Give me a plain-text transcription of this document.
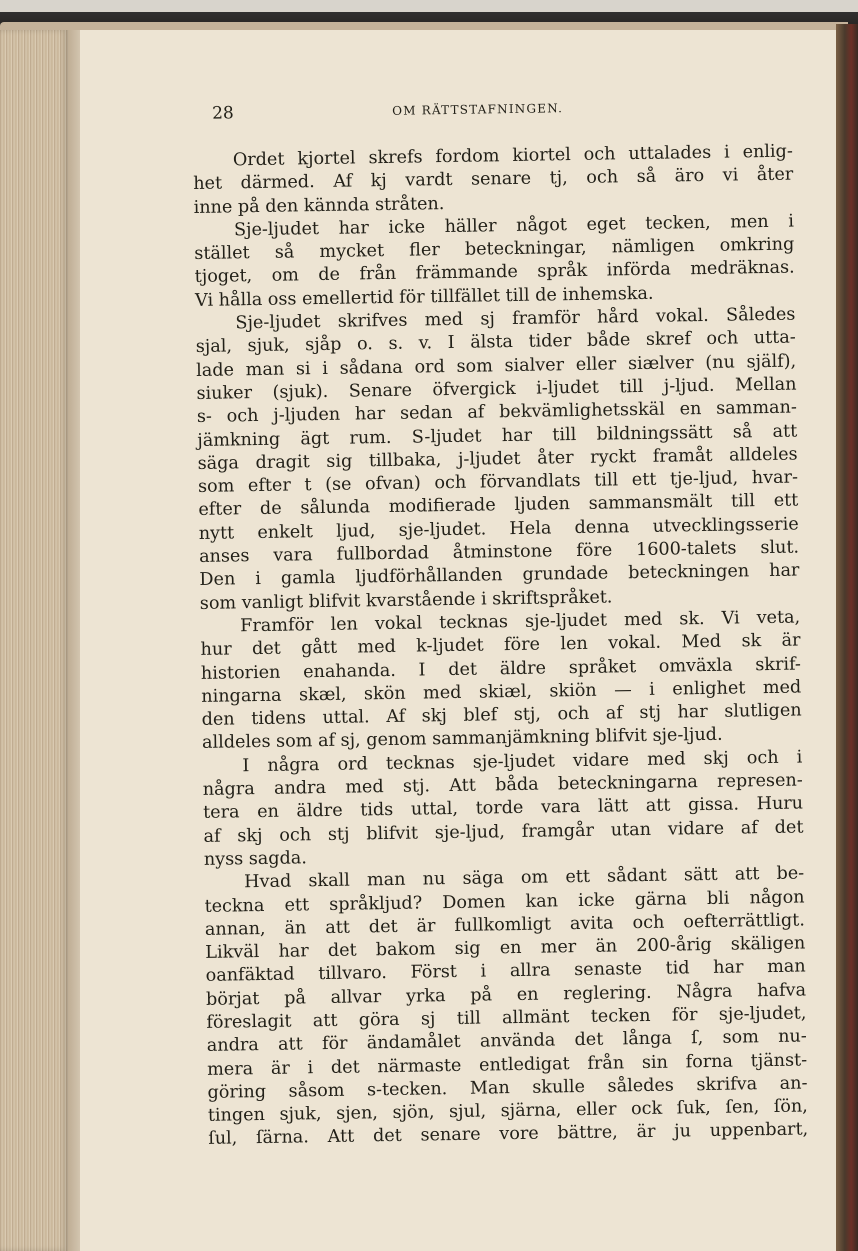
28	OM RÄTTSTAFNINGEN.
Ordet kjortel skrefs fordom kiortel och uttalades i enlig-
het därmed. Af kj vardt senare tj, och så äro vi åter
inne på den kännda stråten.
Sje-ljudet har icke häller något eget tecken, men i
stället så mycket fler beteckningar, nämligen omkring
tjoget, om de från främmande språk införda medräknas.
Vi hålla oss emellertid för tillfället till de inhemska.
Sje-ljudet skrifves med sj framför hård vokal. Således
sjal, sjuk, sjåp o. s. v. I älsta tider både skref och utta-
lade man si i sådana ord som sialver eller siælver (nu själf),
siuker (sjuk). Senare öfvergick i-ljudet till j-ljud. Mellan
s- och j-ljuden har sedan af bekvämlighetsskäl en samman-
jämkning ägt rum. S-ljudet har till bildningssätt så att
säga dragit sig tillbaka, j-ljudet åter ryckt framåt alldeles
som efter t (se ofvan) och förvandlats till ett tje-ljud, hvar-
efter de sålunda modifierade ljuden sammansmält till ett
nytt enkelt ljud, sje-ljudet. Hela denna utvecklingsserie
anses vara fullbordad åtminstone före 1600-talets slut.
Den i gamla ljudförhållanden grundade beteckningen har
som vanligt blifvit kvarstående i skriftspråket.
Framför len vokal tecknas sje-ljudet med sk. Vi veta,
hur det gått med k-ljudet före len vokal. Med sk är
historien enahanda. I det äldre språket omväxla skrif-
ningarna skæl, skön med skiæl, skiön — i enlighet med
den tidens uttal. Af skj blef stj, och af stj har slutligen
alldeles som af sj, genom sammanjämkning blifvit sje-ljud.
I några ord tecknas sje-ljudet vidare med skj och i
några andra med stj. Att båda beteckningarna represen-
tera en äldre tids uttal, torde vara lätt att gissa. Huru
af skj och stj blifvit sje-ljud, framgår utan vidare af det
nyss sagda.
Hvad skall man nu säga om ett sådant sätt att be-
teckna ett språkljud? Domen kan icke gärna bli någon
annan, än att det är fullkomligt avita och oefterrättligt.
Likväl har det bakom sig en mer än 200-årig skäligen
oanfäktad tillvaro. Först i allra senaste tid har man
börjat på allvar yrka på en reglering. Några hafva
föreslagit att göra sj till allmänt tecken för sje-ljudet,
andra att för ändamålet använda det långa ſ, som nu-
mera är i det närmaste entledigat från sin forna tjänst-
göring såsom s-tecken. Man skulle således skrifva an-
tingen sjuk, sjen, sjön, sjul, sjärna, eller ock ſuk, ſen, ſön,
ſul, ſärna. Att det senare vore bättre, är ju uppenbart,
